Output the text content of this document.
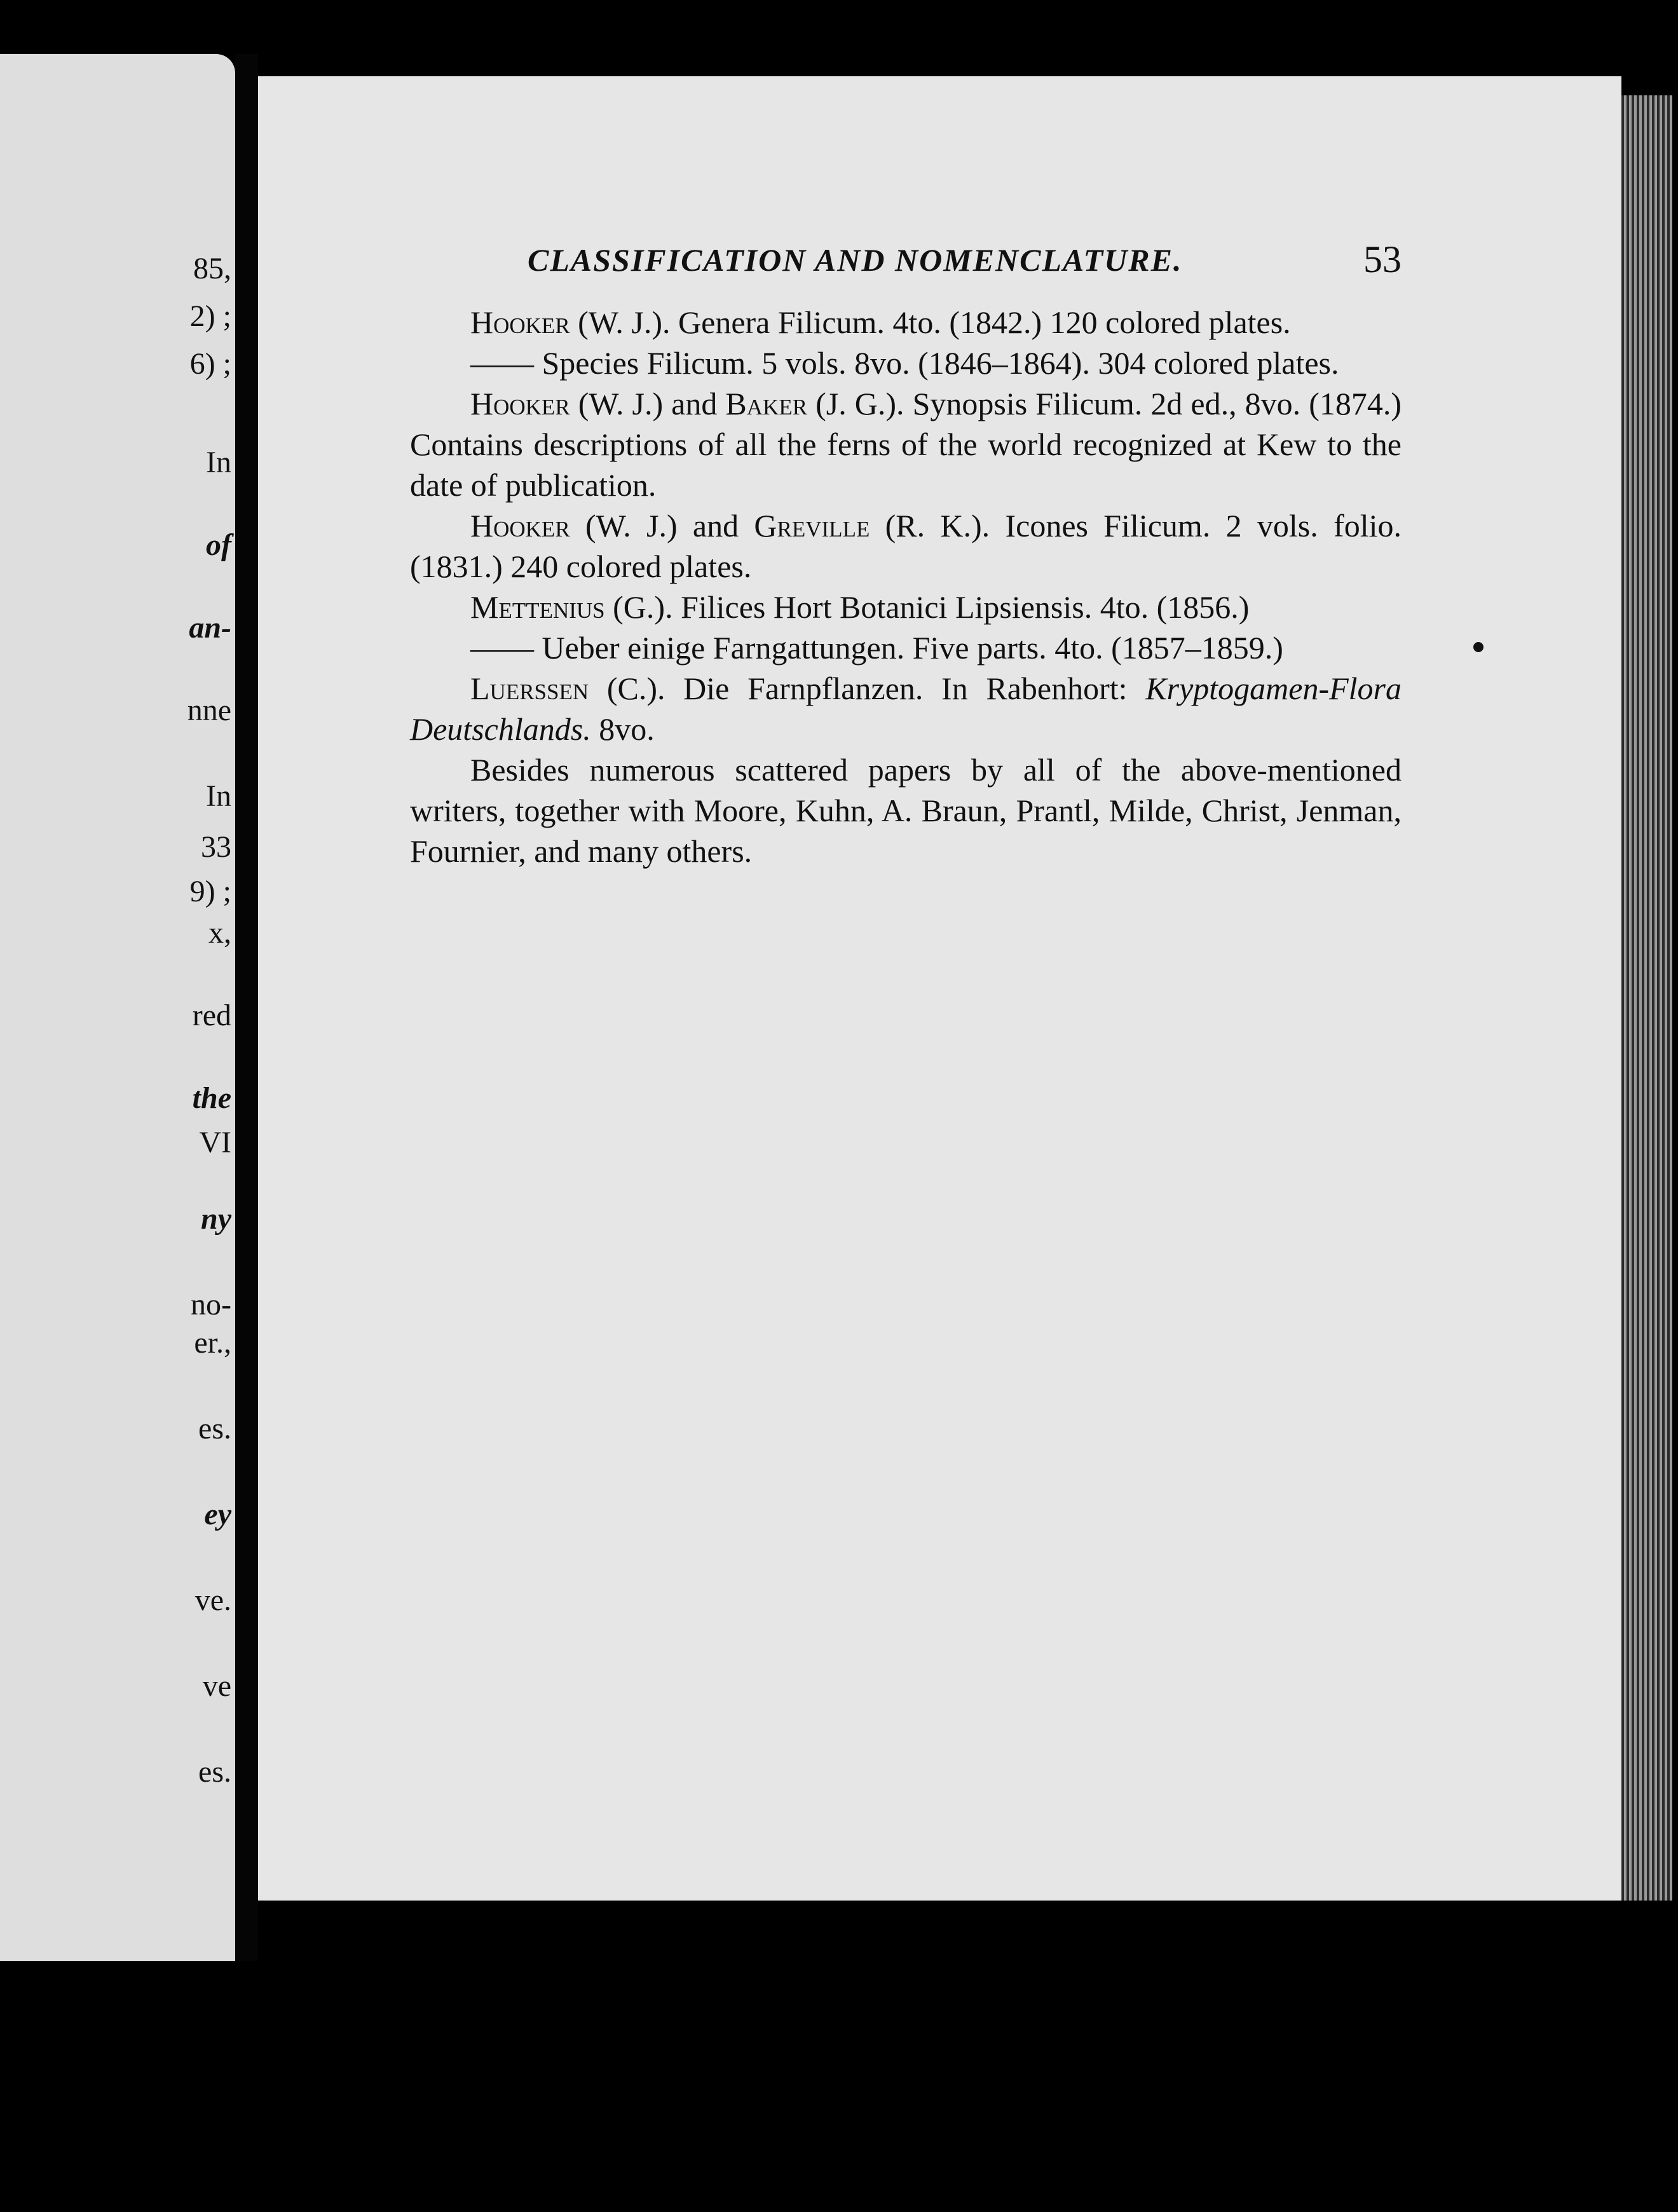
85,
2) ;
6) ;
In
of
an-
nne
In
33
9) ;
x,
red
the
VI
ny
no-
er.,
es.
ey
ve.
ve
es.
CLASSIFICATION AND NOMENCLATURE.	53

Hooker (W. J.). Genera Filicum. 4to. (1842.) 120 colored plates.

—— Species Filicum. 5 vols. 8vo. (1846–1864). 304 colored plates.

Hooker (W. J.) and Baker (J. G.). Synopsis Filicum. 2d ed., 8vo. (1874.) Contains descriptions of all the ferns of the world recognized at Kew to the date of publication.

Hooker (W. J.) and Greville (R. K.). Icones Filicum. 2 vols. folio. (1831.) 240 colored plates.

Mettenius (G.). Filices Hort Botanici Lipsiensis. 4to. (1856.)

—— Ueber einige Farngattungen. Five parts. 4to. (1857–1859.)

Luerssen (C.). Die Farnpflanzen. In Rabenhort: Kryptogamen-Flora Deutschlands. 8vo.

Besides numerous scattered papers by all of the above-mentioned writers, together with Moore, Kuhn, A. Braun, Prantl, Milde, Christ, Jenman, Fournier, and many others.
